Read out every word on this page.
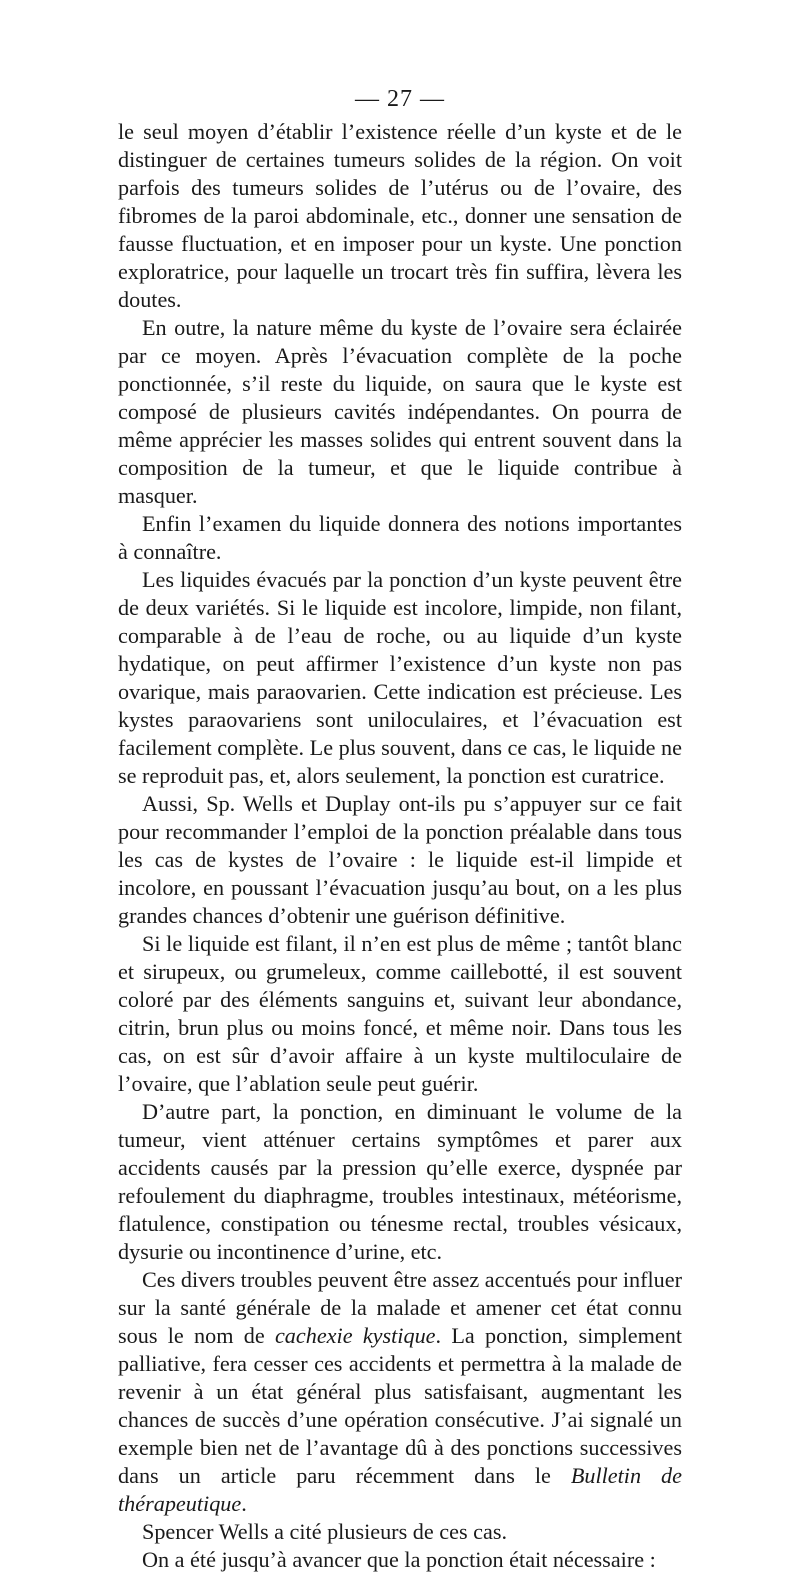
— 27 —

le seul moyen d’établir l’existence réelle d’un kyste et de le distinguer de certaines tumeurs solides de la région. On voit parfois des tumeurs solides de l’utérus ou de l’ovaire, des fibromes de la paroi abdominale, etc., donner une sensation de fausse fluctuation, et en imposer pour un kyste. Une ponction exploratrice, pour laquelle un trocart très fin suffira, lèvera les doutes.

En outre, la nature même du kyste de l’ovaire sera éclairée par ce moyen. Après l’évacuation complète de la poche ponctionnée, s’il reste du liquide, on saura que le kyste est composé de plusieurs cavités indépendantes. On pourra de même apprécier les masses solides qui entrent souvent dans la composition de la tumeur, et que le liquide contribue à masquer.

Enfin l’examen du liquide donnera des notions importantes à connaître.

Les liquides évacués par la ponction d’un kyste peuvent être de deux variétés. Si le liquide est incolore, limpide, non filant, comparable à de l’eau de roche, ou au liquide d’un kyste hydatique, on peut affirmer l’existence d’un kyste non pas ovarique, mais paraovarien. Cette indication est précieuse. Les kystes paraovariens sont uniloculaires, et l’évacuation est facilement complète. Le plus souvent, dans ce cas, le liquide ne se reproduit pas, et, alors seulement, la ponction est curatrice.

Aussi, Sp. Wells et Duplay ont-ils pu s’appuyer sur ce fait pour recommander l’emploi de la ponction préalable dans tous les cas de kystes de l’ovaire : le liquide est-il limpide et incolore, en poussant l’évacuation jusqu’au bout, on a les plus grandes chances d’obtenir une guérison définitive.

Si le liquide est filant, il n’en est plus de même ; tantôt blanc et sirupeux, ou grumeleux, comme caillebotté, il est souvent coloré par des éléments sanguins et, suivant leur abondance, citrin, brun plus ou moins foncé, et même noir. Dans tous les cas, on est sûr d’avoir affaire à un kyste multiloculaire de l’ovaire, que l’ablation seule peut guérir.

D’autre part, la ponction, en diminuant le volume de la tumeur, vient atténuer certains symptômes et parer aux accidents causés par la pression qu’elle exerce, dyspnée par refoulement du diaphragme, troubles intestinaux, météorisme, flatulence, constipation ou ténesme rectal, troubles vésicaux, dysurie ou incontinence d’urine, etc.

Ces divers troubles peuvent être assez accentués pour influer sur la santé générale de la malade et amener cet état connu sous le nom de cachexie kystique. La ponction, simplement palliative, fera cesser ces accidents et permettra à la malade de revenir à un état général plus satisfaisant, augmentant les chances de succès d’une opération consécutive. J’ai signalé un exemple bien net de l’avantage dû à des ponctions successives dans un article paru récemment dans le Bulletin de thérapeutique.

Spencer Wells a cité plusieurs de ces cas.

On a été jusqu’à avancer que la ponction était nécessaire :
